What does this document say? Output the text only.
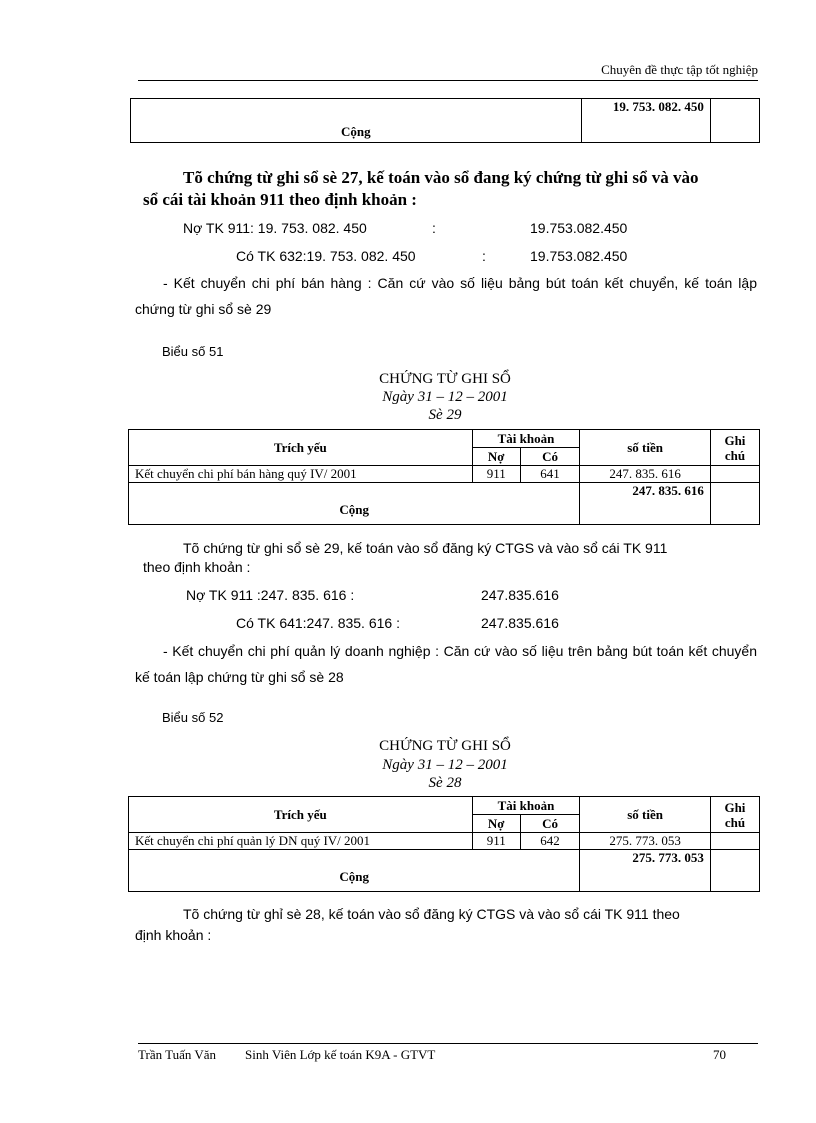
Chuyên đề thực tập tốt nghiệp
Cộng	19. 753. 082. 450	
Tõ chứng từ ghi sổ sè 27, kế toán vào sổ đang ký chứng từ ghi sổ và vào
sổ cái tài khoản 911 theo định khoản :
Nợ TK 911: 19. 753. 082. 450	:	19.753.082.450
Có TK 632:19. 753. 082. 450	:	19.753.082.450
- Kết chuyển chi phí bán hàng : Căn cứ vào số liệu bảng bút toán kết chuyển, kế toán lập chứng từ ghi sổ sè 29
Biểu số 51
CHỨNG TỪ GHI SỔ
Ngày 31 – 12 – 2001
Sè 29
Trích yếu	Tài khoản		số tiền	Ghi chú
	Nợ	Có		
Kết chuyển chi phí bán hàng quý IV/ 2001	911	641	247. 835. 616	
Cộng			247. 835. 616	
Tõ chứng từ ghi sổ sè 29, kế toán vào sổ đăng ký CTGS và vào sổ cái TK 911
theo định khoản :
Nợ TK 911 :247. 835. 616 :	247.835.616
Có TK 641:247. 835. 616 :	247.835.616
- Kết chuyển chi phí quản lý doanh nghiệp : Căn cứ vào số liệu trên bảng bút toán kết chuyển kế toán lập chứng từ ghi sổ sè 28
Biểu số 52
CHỨNG TỪ GHI SỔ
Ngày 31 – 12 – 2001
Sè 28
Trích yếu	Tài khoản		số tiền	Ghi chú
	Nợ	Có		
Kết chuyển chi phí quản lý DN quý IV/ 2001	911	642	275. 773. 053	
Cộng			275. 773. 053	
Tõ chứng từ ghỉ sè 28, kế toán vào sổ đăng ký CTGS và vào sổ cái TK 911 theo
định khoản :
Trần Tuấn Văn Sinh Viên Lớp kế toán K9A - GTVT	70
